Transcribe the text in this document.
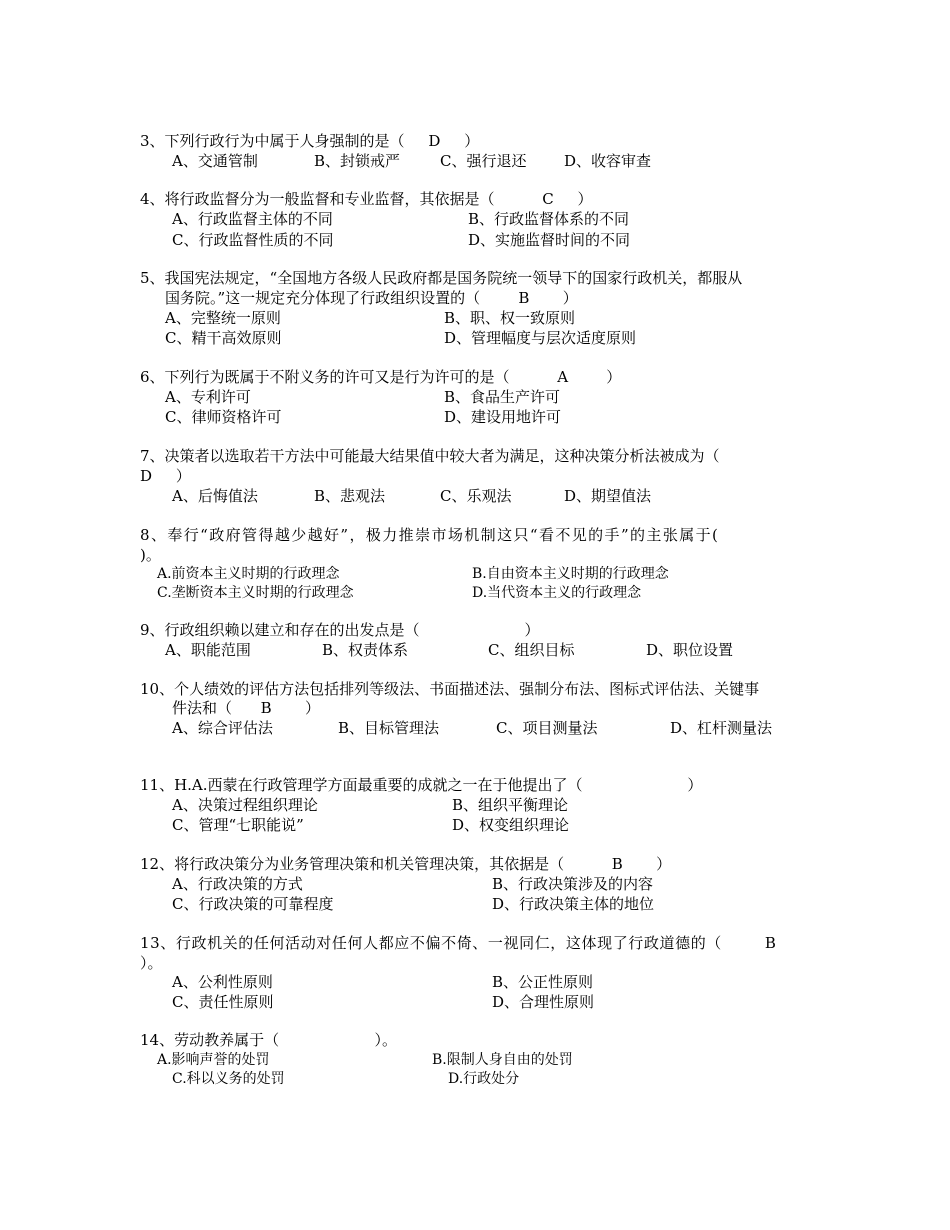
3、下列行政行为中属于人身强制的是（     D     ）
A、交通管制	B、封锁戒严	C、强行退还	D、收容审查
4、将行政监督分为一般监督和专业监督，其依据是（          C     ）
A、行政监督主体的不同	B、行政监督体系的不同
C、行政监督性质的不同	D、实施监督时间的不同
5、我国宪法规定，“全国地方各级人民政府都是国务院统一领导下的国家行政机关，都服从
国务院。”这一规定充分体现了行政组织设置的（        B       ）
A、完整统一原则	B、职、权一致原则
C、精干高效原则	D、管理幅度与层次适度原则
6、下列行为既属于不附义务的许可又是行为许可的是（          A        ）
A、专利许可	B、食品生产许可
C、律师资格许可	D、建设用地许可
7、决策者以选取若干方法中可能最大结果值中较大者为满足，这种决策分析法被成为（
D     ）
A、后悔值法	B、悲观法	C、乐观法	D、期望值法
8、奉行“政府管得越少越好”，极力推崇市场机制这只“看不见的手”的主张属于(
)。
A.前资本主义时期的行政理念	B.自由资本主义时期的行政理念
C.垄断资本主义时期的行政理念	D.当代资本主义的行政理念
9、行政组织赖以建立和存在的出发点是（                      ）
A、职能范围	B、权责体系	C、组织目标	D、职位设置
10、个人绩效的评估方法包括排列等级法、书面描述法、强制分布法、图标式评估法、关键事
件法和（      B       ）
A、综合评估法	B、目标管理法	C、项目测量法	D、杠杆测量法
11、H.A.西蒙在行政管理学方面最重要的成就之一在于他提出了（                      ）
A、决策过程组织理论	B、组织平衡理论
C、管理“七职能说”	D、权变组织理论
12、将行政决策分为业务管理决策和机关管理决策，其依据是（          B       ）
A、行政决策的方式	B、行政决策涉及的内容
C、行政决策的可靠程度	D、行政决策主体的地位
13、行政机关的任何活动对任何人都应不偏不倚、一视同仁，这体现了行政道德的（        B
）。
A、公利性原则	B、公正性原则
C、责任性原则	D、合理性原则
14、劳动教养属于（                    ）。
A.影响声誉的处罚	B.限制人身自由的处罚
C.科以义务的处罚	D.行政处分
